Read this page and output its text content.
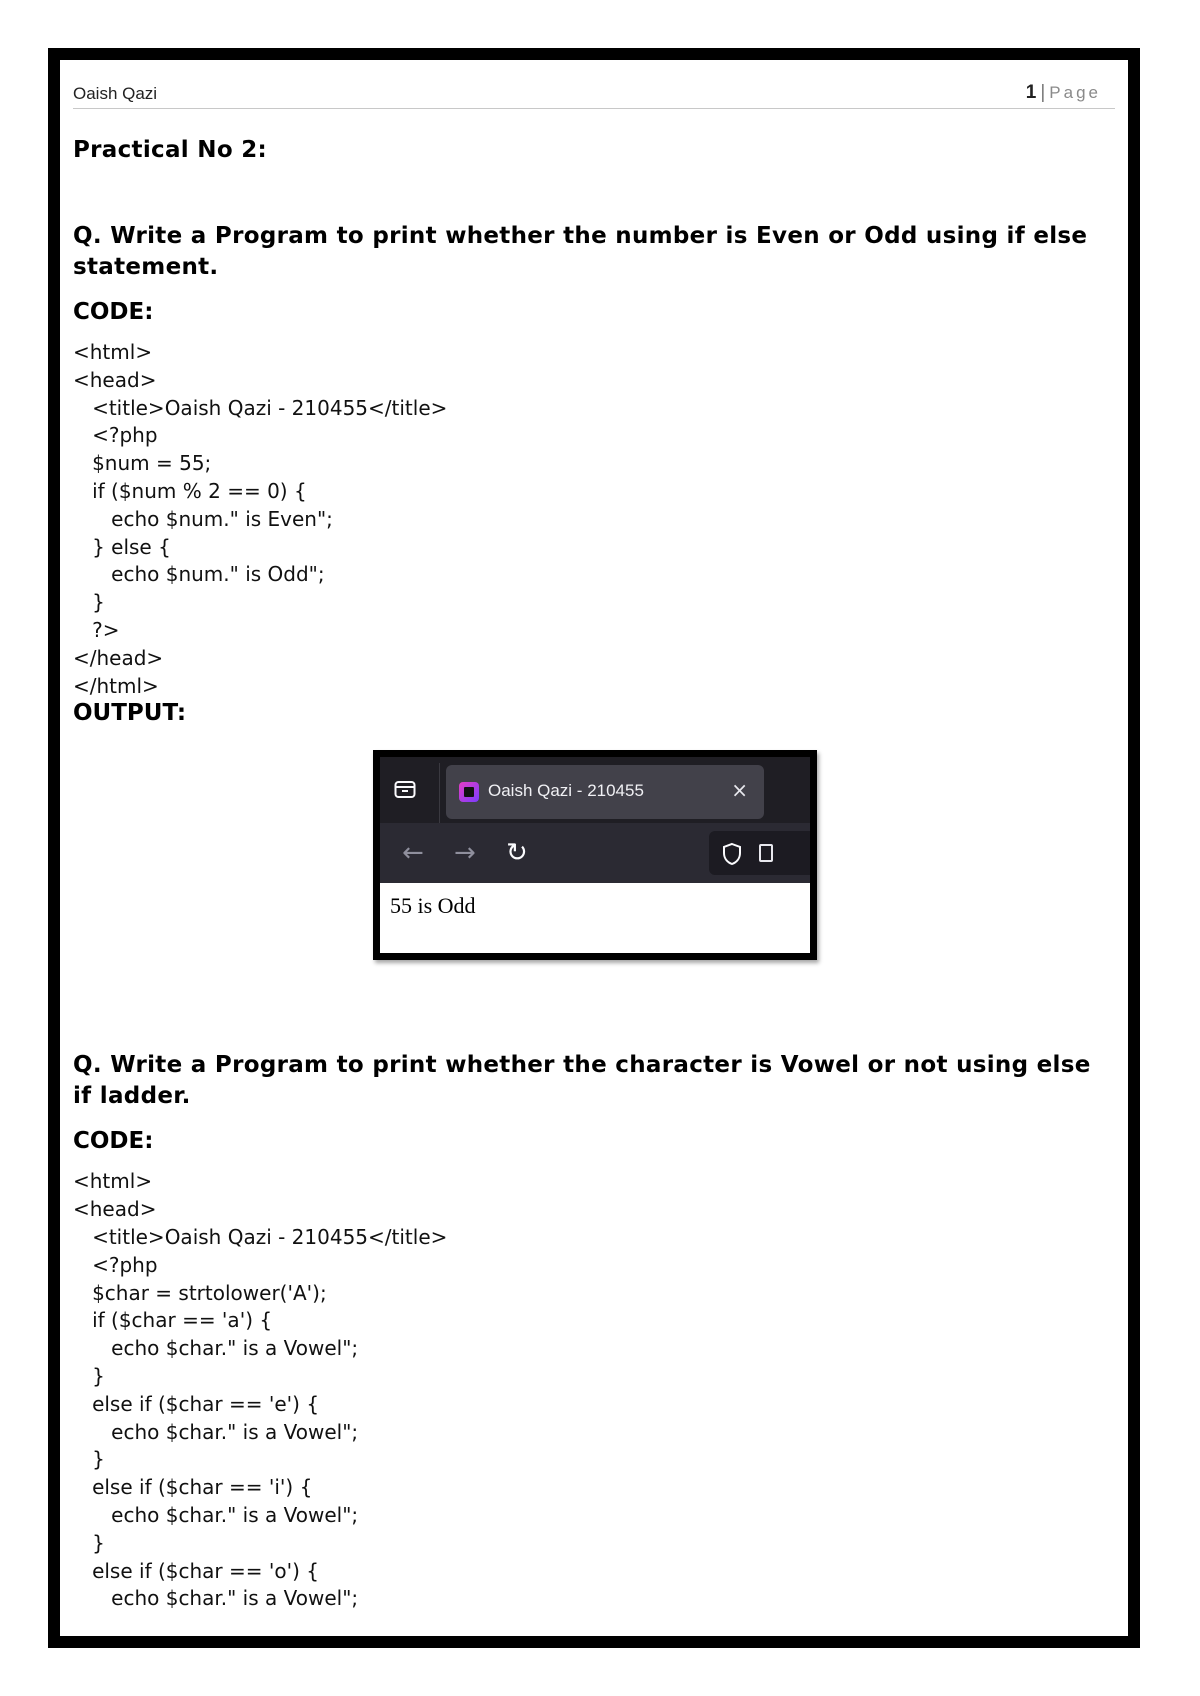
Oaish Qazi	1 | Page
Practical No 2:

Q. Write a Program to print whether the number is Even or Odd using if else statement.

CODE:

<html>
<head>
<title>Oaish Qazi - 210455</title>
<?php
$num = 55;
if ($num % 2 == 0) {
echo $num." is Even";
} else {
echo $num." is Odd";
}
?>
</head>
</html>

OUTPUT:

Oaish Qazi - 210455	×
← → ↻
55 is Odd

Q. Write a Program to print whether the character is Vowel or not using else if ladder.

CODE:

<html>
<head>
<title>Oaish Qazi - 210455</title>
<?php
$char = strtolower('A');
if ($char == 'a') {
echo $char." is a Vowel";
}
else if ($char == 'e') {
echo $char." is a Vowel";
}
else if ($char == 'i') {
echo $char." is a Vowel";
}
else if ($char == 'o') {
echo $char." is a Vowel";
